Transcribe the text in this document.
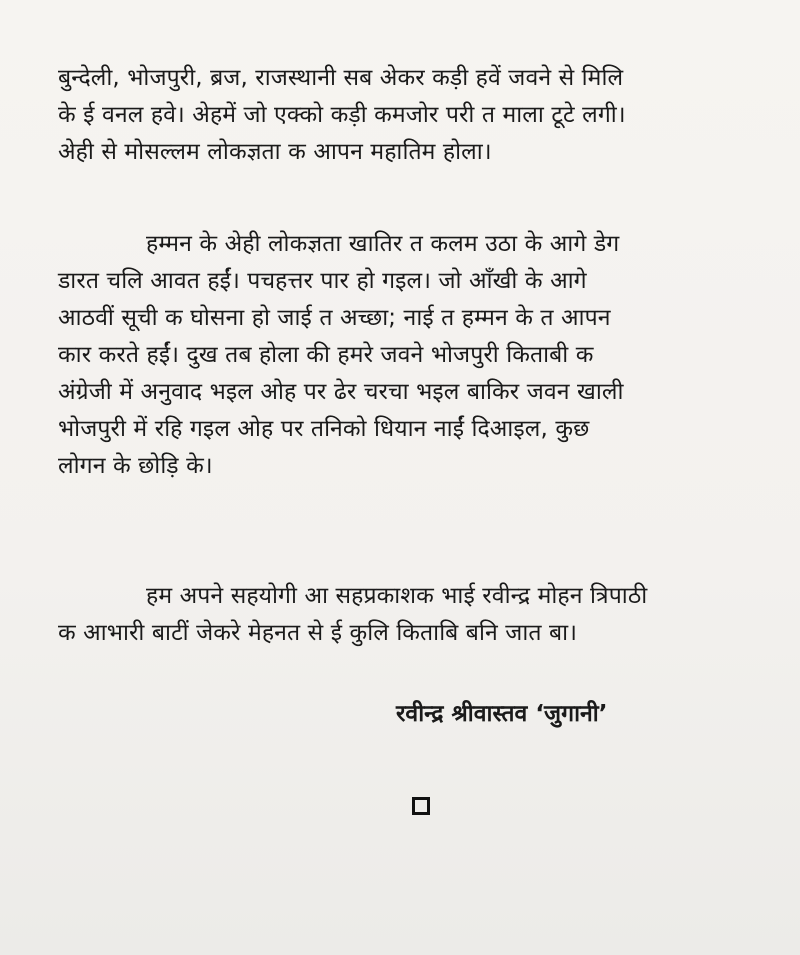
बुन्देली, भोजपुरी, ब्रज, राजस्थानी सब अेकर कड़ी हवें जवने से मिलि
के ई वनल हवे। अेहमें जो एक्को कड़ी कमजोर परी त माला टूटे लगी।
अेही से मोसल्लम लोकज्ञता क आपन महातिम होला।
हम्मन के अेही लोकज्ञता खातिर त कलम उठा के आगे डेग
डारत चलि आवत हईं। पचहत्तर पार हो गइल। जो आँखी के आगे
आठवीं सूची क घोसना हो जाई त अच्छा; नाई त हम्मन के त आपन
कार करते हईं। दुख तब होला की हमरे जवने भोजपुरी किताबी क
अंग्रेजी में अनुवाद भइल ओह पर ढेर चरचा भइल बाकिर जवन खाली
भोजपुरी में रहि गइल ओह पर तनिको धियान नाईं दिआइल, कुछ
लोगन के छोड़ि के।
हम अपने सहयोगी आ सहप्रकाशक भाई रवीन्द्र मोहन त्रिपाठी
क आभारी बाटीं जेकरे मेहनत से ई कुलि किताबि बनि जात बा।
रवीन्द्र श्रीवास्तव ‘जुगानी’
